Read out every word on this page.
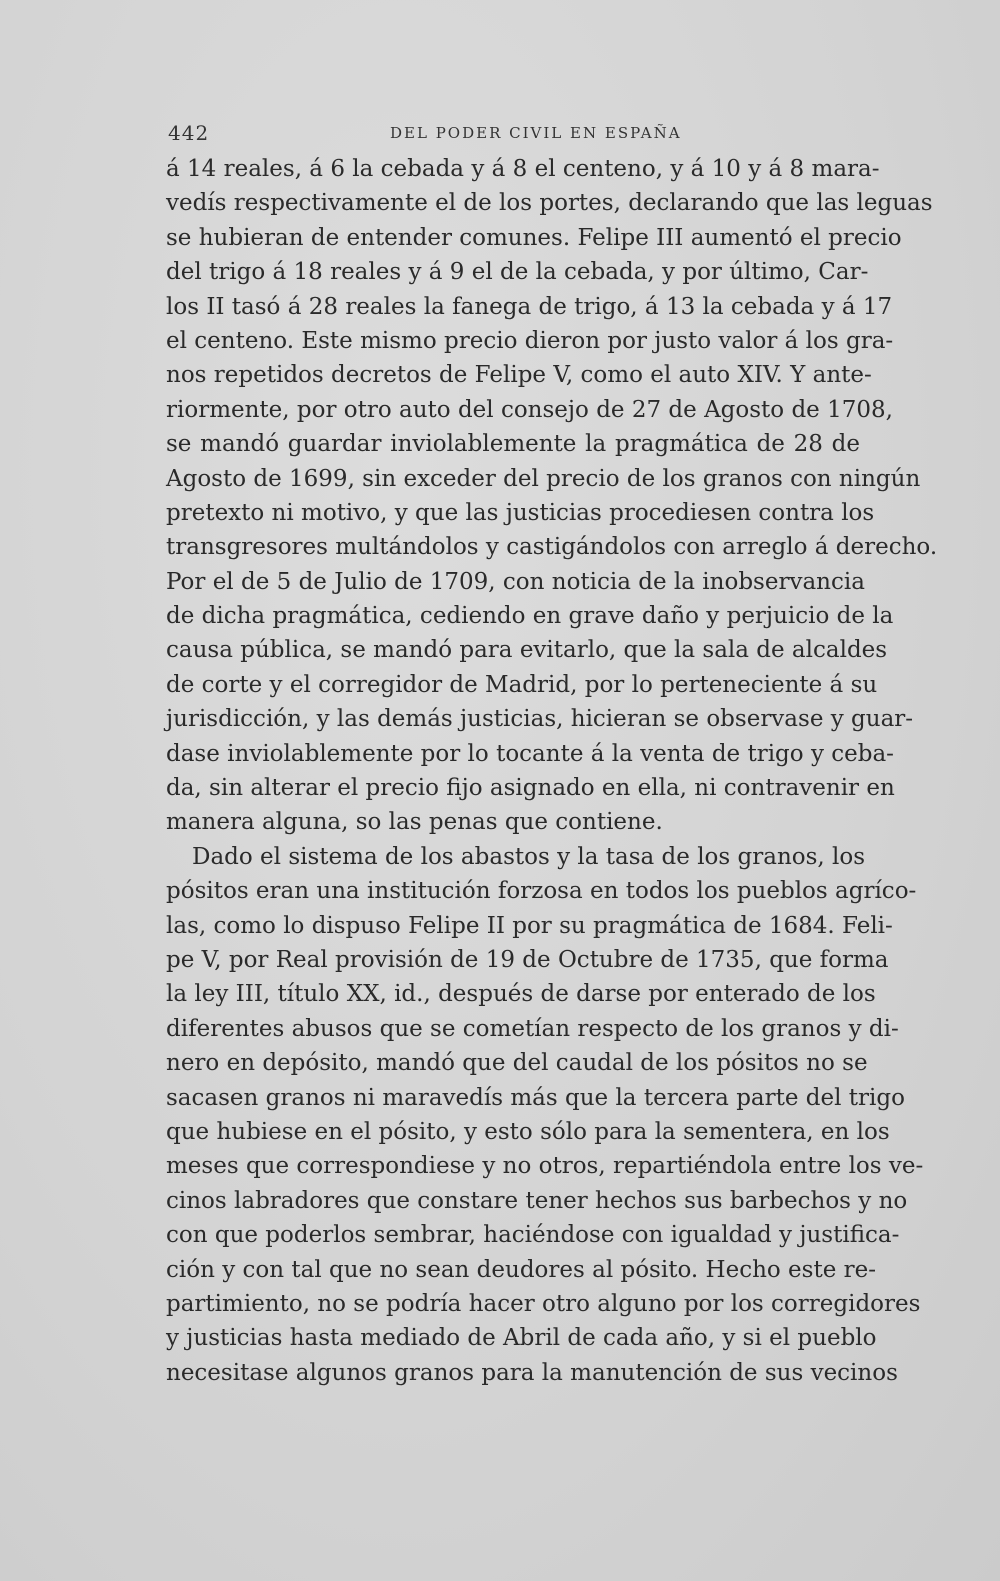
442	DEL PODER CIVIL EN ESPAÑA
á 14 reales, á 6 la cebada y á 8 el centeno, y á 10 y á 8 mara-
vedís respectivamente el de los portes, declarando que las leguas
se hubieran de entender comunes. Felipe III aumentó el precio
del trigo á 18 reales y á 9 el de la cebada, y por último, Car-
los II tasó á 28 reales la fanega de trigo, á 13 la cebada y á 17
el centeno. Este mismo precio dieron por justo valor á los gra-
nos repetidos decretos de Felipe V, como el auto XIV. Y ante-
riormente, por otro auto del consejo de 27 de Agosto de 1708,
se mandó guardar inviolablemente la pragmática de 28 de
Agosto de 1699, sin exceder del precio de los granos con ningún
pretexto ni motivo, y que las justicias procediesen contra los
transgresores multándolos y castigándolos con arreglo á derecho.
Por el de 5 de Julio de 1709, con noticia de la inobservancia
de dicha pragmática, cediendo en grave daño y perjuicio de la
causa pública, se mandó para evitarlo, que la sala de alcaldes
de corte y el corregidor de Madrid, por lo perteneciente á su
jurisdicción, y las demás justicias, hicieran se observase y guar-
dase inviolablemente por lo tocante á la venta de trigo y ceba-
da, sin alterar el precio fijo asignado en ella, ni contravenir en
manera alguna, so las penas que contiene.
Dado el sistema de los abastos y la tasa de los granos, los
pósitos eran una institución forzosa en todos los pueblos agríco-
las, como lo dispuso Felipe II por su pragmática de 1684. Feli-
pe V, por Real provisión de 19 de Octubre de 1735, que forma
la ley III, título XX, id., después de darse por enterado de los
diferentes abusos que se cometían respecto de los granos y di-
nero en depósito, mandó que del caudal de los pósitos no se
sacasen granos ni maravedís más que la tercera parte del trigo
que hubiese en el pósito, y esto sólo para la sementera, en los
meses que correspondiese y no otros, repartiéndola entre los ve-
cinos labradores que constare tener hechos sus barbechos y no
con que poderlos sembrar, haciéndose con igualdad y justifica-
ción y con tal que no sean deudores al pósito. Hecho este re-
partimiento, no se podría hacer otro alguno por los corregidores
y justicias hasta mediado de Abril de cada año, y si el pueblo
necesitase algunos granos para la manutención de sus vecinos
